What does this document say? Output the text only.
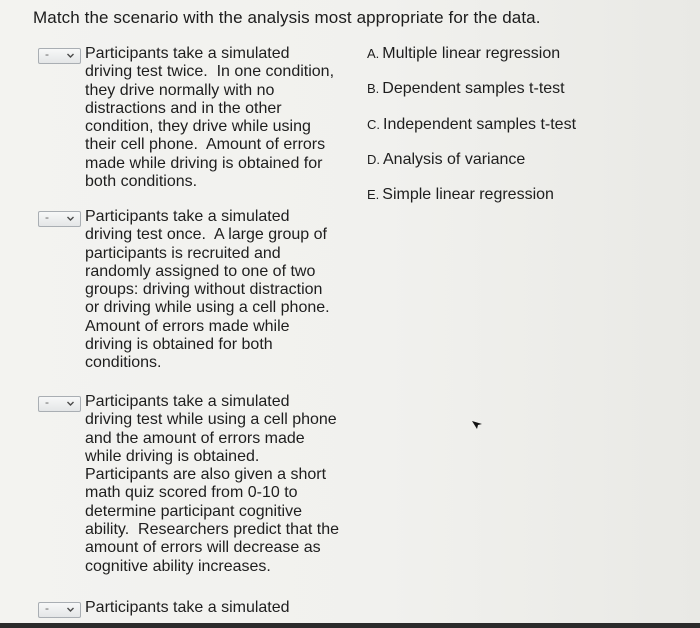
Match the scenario with the analysis most appropriate for the data.
- Participants take a simulated
driving test twice.  In one condition,
they drive normally with no
distractions and in the other
condition, they drive while using
their cell phone.  Amount of errors
made while driving is obtained for
both conditions.
- Participants take a simulated
driving test once.  A large group of
participants is recruited and
randomly assigned to one of two
groups: driving without distraction
or driving while using a cell phone.
Amount of errors made while
driving is obtained for both
conditions.
- Participants take a simulated
driving test while using a cell phone
and the amount of errors made
while driving is obtained.
Participants are also given a short
math quiz scored from 0-10 to
determine participant cognitive
ability.  Researchers predict that the
amount of errors will decrease as
cognitive ability increases.
- Participants take a simulated
A. Multiple linear regression
B. Dependent samples t-test
C. Independent samples t-test
D. Analysis of variance
E. Simple linear regression
